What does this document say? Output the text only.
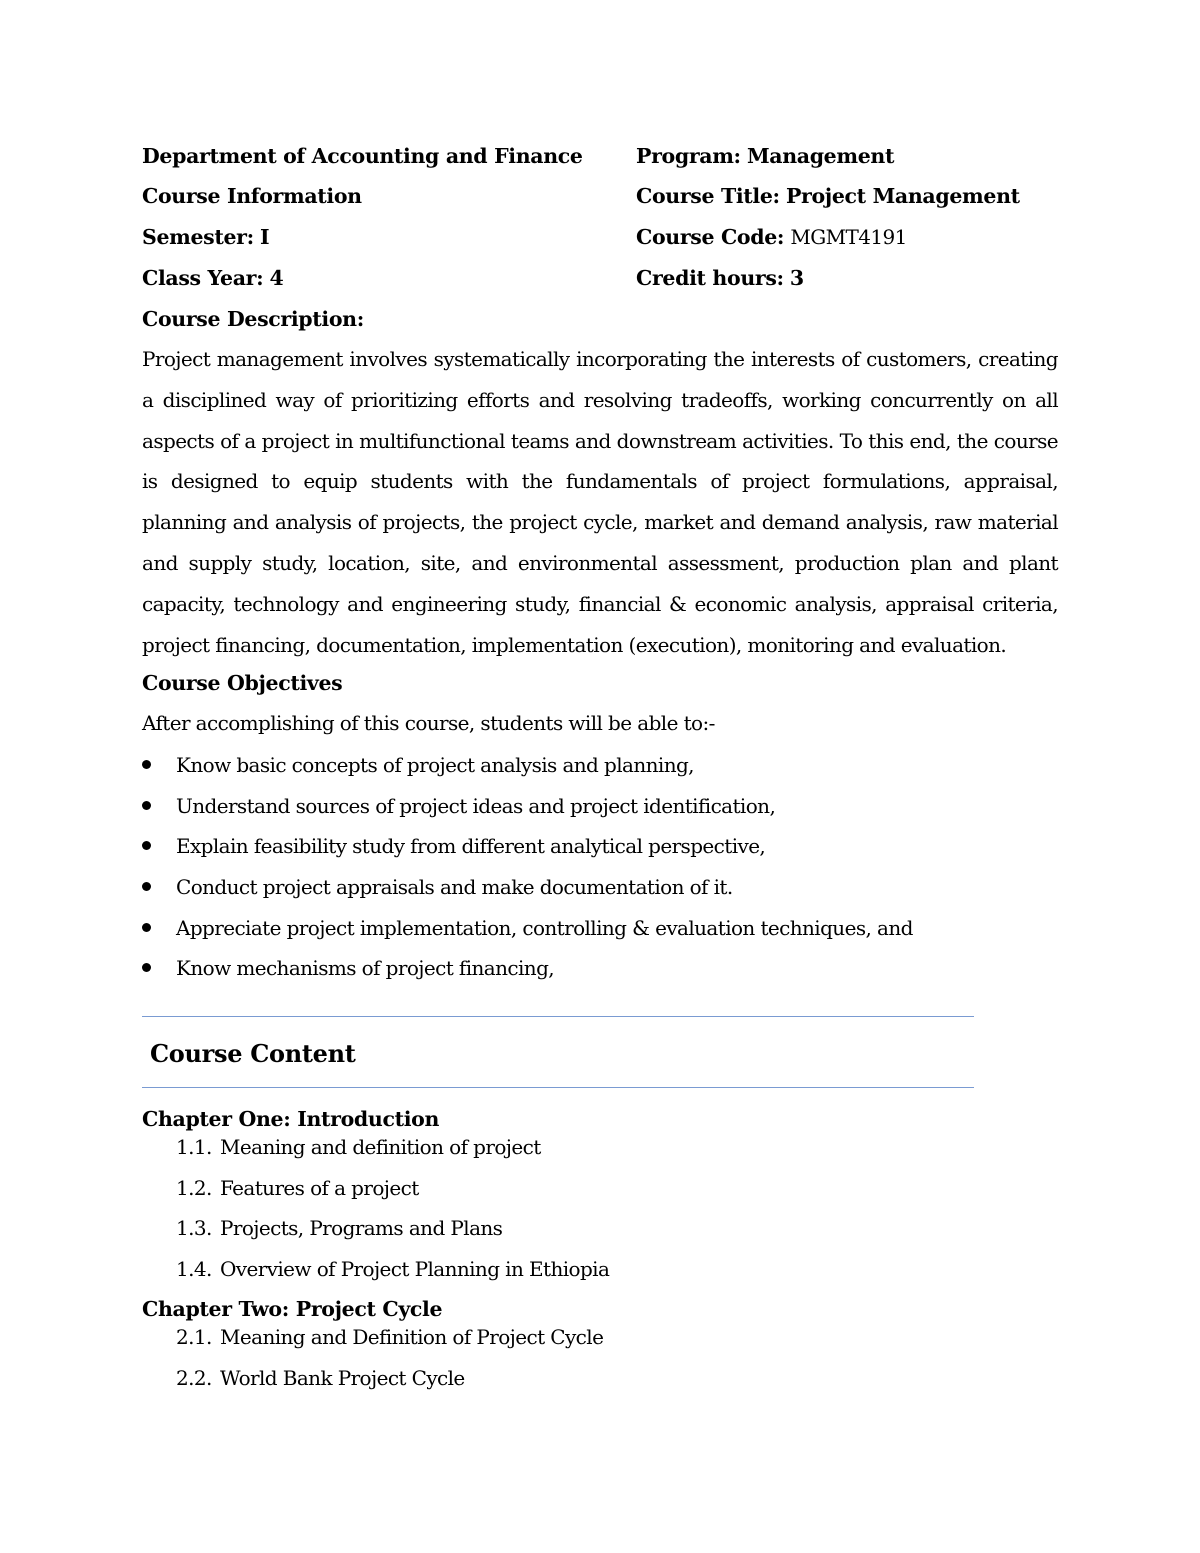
Department of Accounting and Finance	Program: Management
Course Information	Course Title: Project Management
Semester: I	Course Code: MGMT4191
Class Year: 4	Credit hours: 3
Course Description:
Project management involves systematically incorporating the interests of customers, creating a disciplined way of prioritizing efforts and resolving tradeoffs, working concurrently on all aspects of a project in multifunctional teams and downstream activities. To this end, the course is designed to equip students with the fundamentals of project formulations, appraisal, planning and analysis of projects, the project cycle, market and demand analysis, raw material and supply study, location, site, and environmental assessment, production plan and plant capacity, technology and engineering study, financial & economic analysis, appraisal criteria, project financing, documentation, implementation (execution), monitoring and evaluation.
Course Objectives
After accomplishing of this course, students will be able to:-
Know basic concepts of project analysis and planning,
Understand sources of project ideas and project identification,
Explain feasibility study from different analytical perspective,
Conduct project appraisals and make documentation of it.
Appreciate project implementation, controlling & evaluation techniques, and
Know mechanisms of project financing,
Course Content
Chapter One: Introduction
1.1. Meaning and definition of project
1.2. Features of a project
1.3. Projects, Programs and Plans
1.4. Overview of Project Planning in Ethiopia
Chapter Two: Project Cycle
2.1. Meaning and Definition of Project Cycle
2.2. World Bank Project Cycle
